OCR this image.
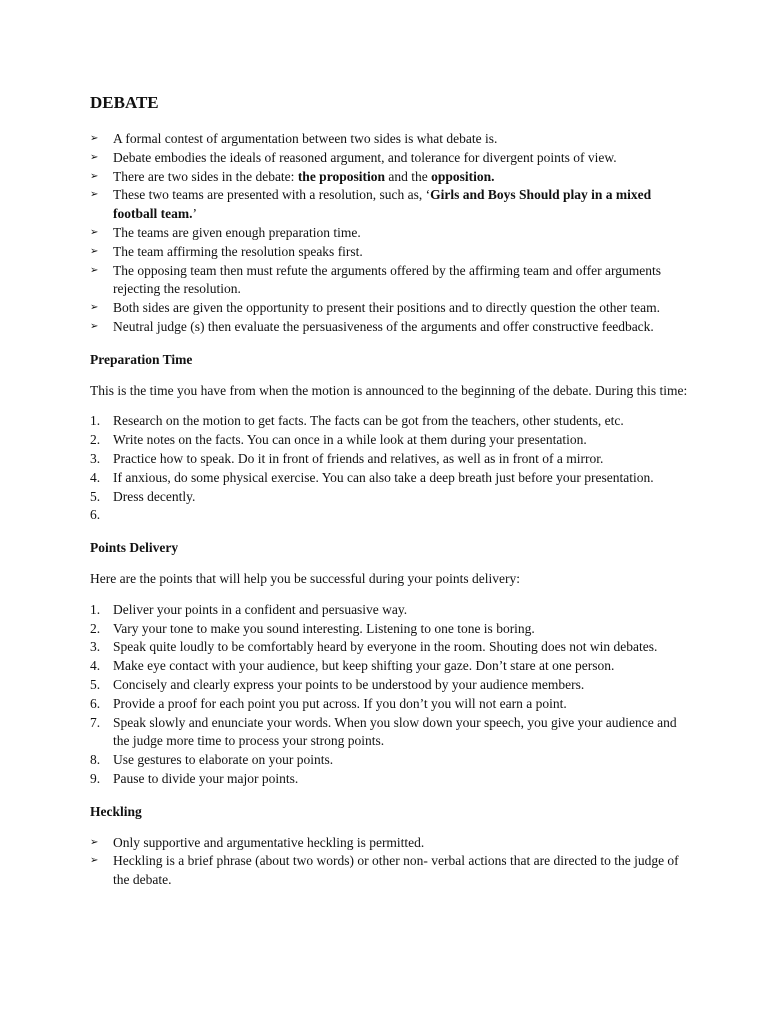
DEBATE
➢	A formal contest of argumentation between two sides is what debate is.
➢	Debate embodies the ideals of reasoned argument, and tolerance for divergent points of view.
➢	There are two sides in the debate: the proposition and the opposition.
➢	These two teams are presented with a resolution, such as, ‘Girls and Boys Should play in a mixed football team.’
➢	The teams are given enough preparation time.
➢	The team affirming the resolution speaks first.
➢	The opposing team then must refute the arguments offered by the affirming team and offer arguments rejecting the resolution.
➢	Both sides are given the opportunity to present their positions and to directly question the other team.
➢	Neutral judge (s) then evaluate the persuasiveness of the arguments and offer constructive feedback.
Preparation Time

This is the time you have from when the motion is announced to the beginning of the debate. During this time:

1. Research on the motion to get facts. The facts can be got from the teachers, other students, etc.
2. Write notes on the facts. You can once in a while look at them during your presentation.
3. Practice how to speak. Do it in front of friends and relatives, as well as in front of a mirror.
4. If anxious, do some physical exercise. You can also take a deep breath just before your presentation.
5. Dress decently.
6.
Points Delivery

Here are the points that will help you be successful during your points delivery:

1. Deliver your points in a confident and persuasive way.
2. Vary your tone to make you sound interesting. Listening to one tone is boring.
3. Speak quite loudly to be comfortably heard by everyone in the room. Shouting does not win debates.
4. Make eye contact with your audience, but keep shifting your gaze. Don’t stare at one person.
5. Concisely and clearly express your points to be understood by your audience members.
6. Provide a proof for each point you put across. If you don’t you will not earn a point.
7. Speak slowly and enunciate your words. When you slow down your speech, you give your audience and the judge more time to process your strong points.
8. Use gestures to elaborate on your points.
9. Pause to divide your major points.
Heckling
➢	Only supportive and argumentative heckling is permitted.
➢	Heckling is a brief phrase (about two words) or other non- verbal actions that are directed to the judge of the debate.
